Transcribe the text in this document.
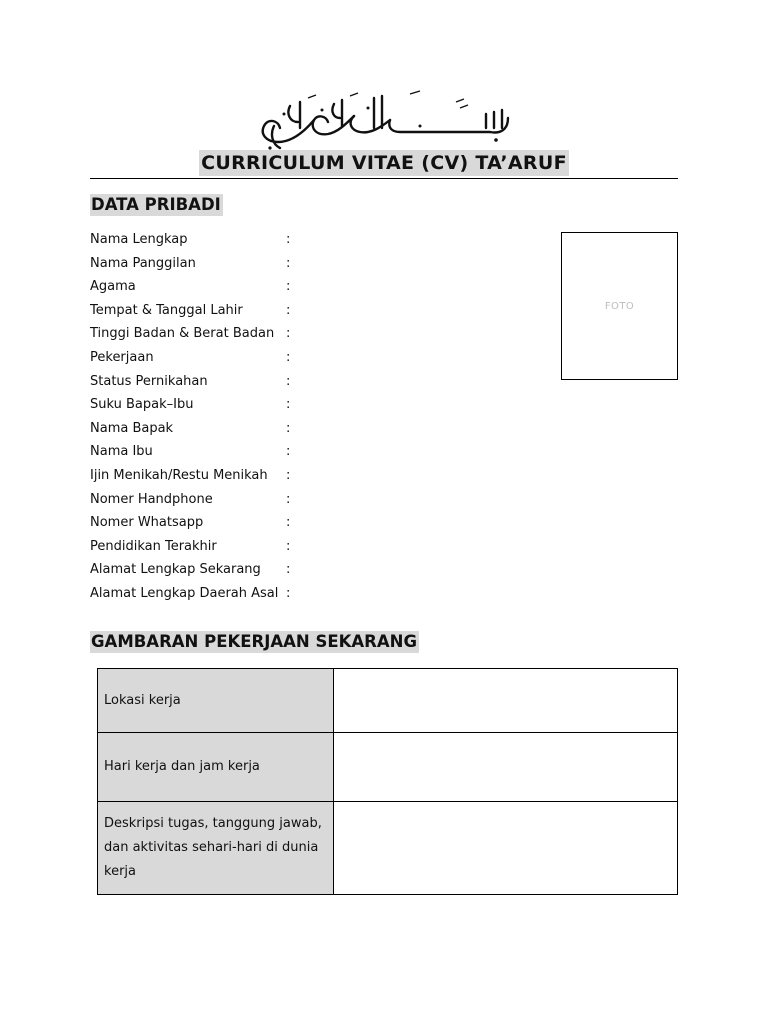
CURRICULUM VITAE (CV) TA’ARUF
DATA PRIBADI
Nama Lengkap	:
Nama Panggilan	:
Agama	:
Tempat & Tanggal Lahir	:
Tinggi Badan & Berat Badan :
Pekerjaan	:
Status Pernikahan	:
Suku Bapak–Ibu	:
Nama Bapak	:
Nama Ibu	:
Ijin Menikah/Restu Menikah :
Nomer Handphone	:
Nomer Whatsapp	:
Pendidikan Terakhir	:
Alamat Lengkap Sekarang :
Alamat Lengkap Daerah Asal :
FOTO
GAMBARAN PEKERJAAN SEKARANG
Lokasi kerja	
Hari kerja dan jam kerja	
Deskripsi tugas, tanggung jawab, dan aktivitas sehari-hari di dunia kerja	
